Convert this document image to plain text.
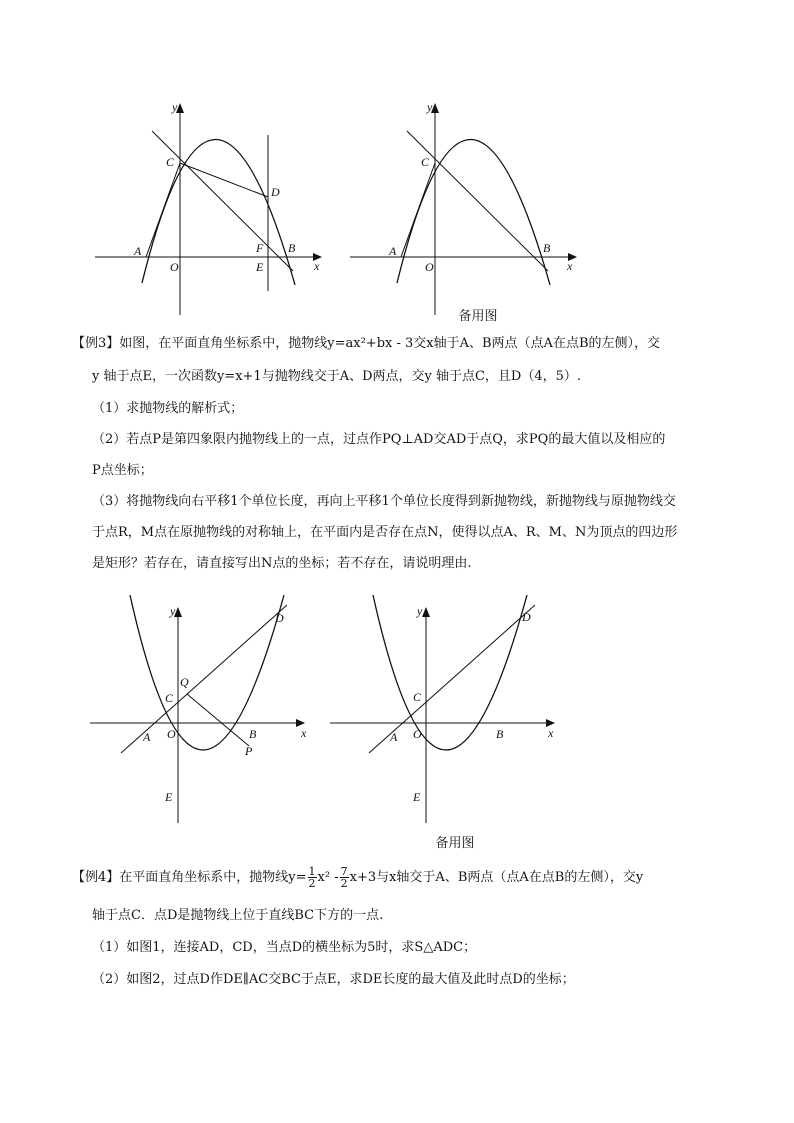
y
x
O
A	B
C
D
E
F
y
x
O
A	B
C
备用图
【例3】如图，在平面直角坐标系中，抛物线y=ax²+bx - 3交x轴于A、B两点（点A在点B的左侧），交
y 轴于点E，一次函数y=x+1与抛物线交于A、D两点，交y 轴于点C，且D（4，5）.
（1）求抛物线的解析式；
（2）若点P是第四象限内抛物线上的一点，过点作PQ⊥AD交AD于点Q，求PQ的最大值以及相应的
P点坐标；
（3）将抛物线向右平移1个单位长度，再向上平移1个单位长度得到新抛物线，新抛物线与原抛物线交
于点R，M点在原抛物线的对称轴上，在平面内是否存在点N，使得以点A、R、M、N为顶点的四边形
是矩形？若存在，请直接写出N点的坐标；若不存在，请说明理由.
y
x
O
A	B
C
D
E
Q
P
y
x
O
A	B
C
D
E
备用图
【例4】在平面直角坐标系中，抛物线$y= \frac{1}{2} x^2 - \frac{7}{2} x+3$与x轴交于A、B两点（点A在点B的左侧），交y
轴于点C．点D是抛物线上位于直线BC下方的一点.
（1）如图1，连接AD，CD，当点D的横坐标为5时，求S△ADC；
（2）如图2，过点D作DE∥AC交BC于点E，求DE长度的最大值及此时点D的坐标；
